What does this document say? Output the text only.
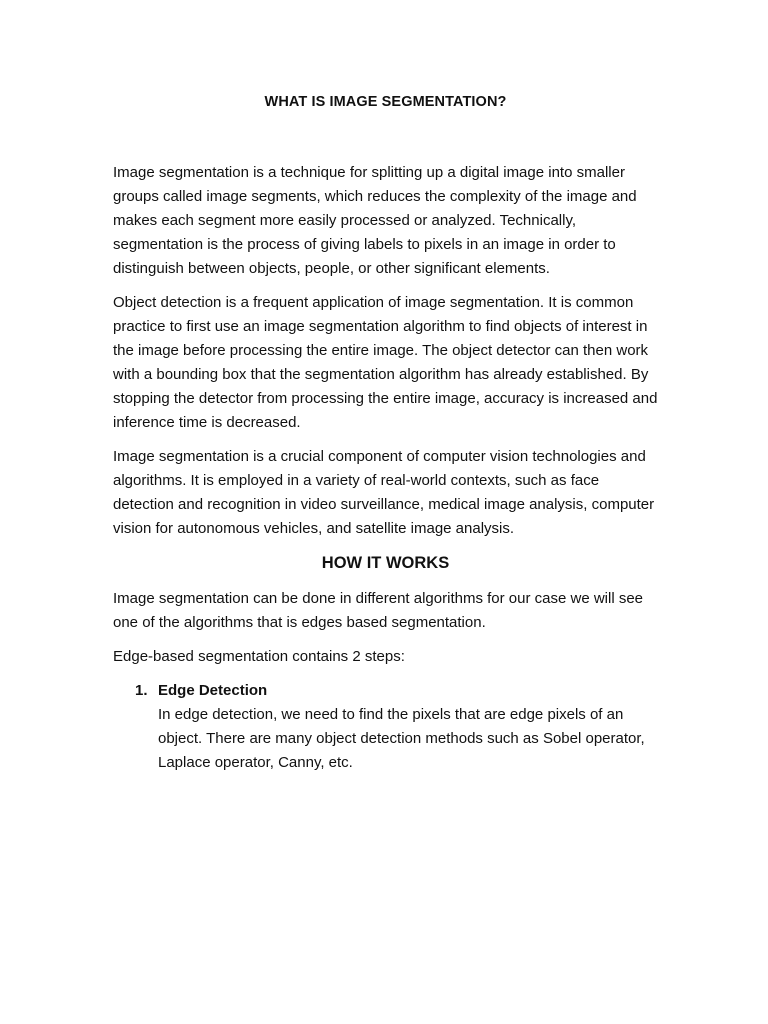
WHAT IS IMAGE SEGMENTATION?

Image segmentation is a technique for splitting up a digital image into smaller groups called image segments, which reduces the complexity of the image and makes each segment more easily processed or analyzed. Technically, segmentation is the process of giving labels to pixels in an image in order to distinguish between objects, people, or other significant elements.

Object detection is a frequent application of image segmentation. It is common practice to first use an image segmentation algorithm to find objects of interest in the image before processing the entire image. The object detector can then work with a bounding box that the segmentation algorithm has already established. By stopping the detector from processing the entire image, accuracy is increased and inference time is decreased.

Image segmentation is a crucial component of computer vision technologies and algorithms. It is employed in a variety of real-world contexts, such as face detection and recognition in video surveillance, medical image analysis, computer vision for autonomous vehicles, and satellite image analysis.

HOW IT WORKS

Image segmentation can be done in different algorithms for our case we will see one of the algorithms that is edges based segmentation.

Edge-based segmentation contains 2 steps:

1. Edge Detection
In edge detection, we need to find the pixels that are edge pixels of an object. There are many object detection methods such as Sobel operator, Laplace operator, Canny, etc.
